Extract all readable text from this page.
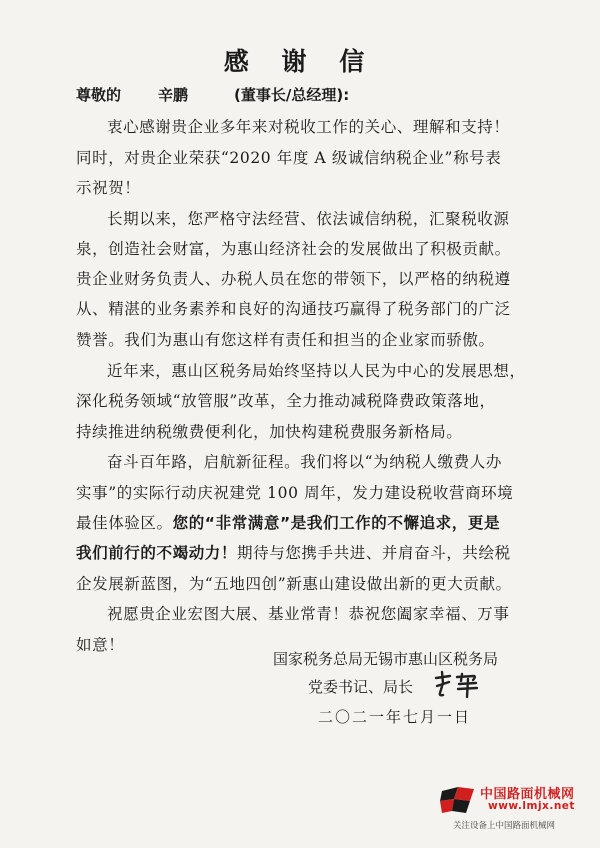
感 谢 信
尊敬的 辛鹏	(董事长/总经理):
衷心感谢贵企业多年来对税收工作的关心、理解和支持！
同时，对贵企业荣获“2020 年度 A 级诚信纳税企业”称号表
示祝贺！
长期以来，您严格守法经营、依法诚信纳税，汇聚税收源
泉，创造社会财富，为惠山经济社会的发展做出了积极贡献。
贵企业财务负责人、办税人员在您的带领下，以严格的纳税遵
从、精湛的业务素养和良好的沟通技巧赢得了税务部门的广泛
赞誉。我们为惠山有您这样有责任和担当的企业家而骄傲。
近年来，惠山区税务局始终坚持以人民为中心的发展思想，
深化税务领域“放管服”改革，全力推动减税降费政策落地，
持续推进纳税缴费便利化，加快构建税费服务新格局。
奋斗百年路，启航新征程。我们将以“为纳税人缴费人办
实事”的实际行动庆祝建党 100 周年，发力建设税收营商环境
最佳体验区。您的“非常满意”是我们工作的不懈追求，更是
我们前行的不竭动力！期待与您携手共进、并肩奋斗，共绘税
企发展新蓝图，为“五地四创”新惠山建设做出新的更大贡献。
祝愿贵企业宏图大展、基业常青！恭祝您阖家幸福、万事
如意！
国家税务总局无锡市惠山区税务局
党委书记、局长
二〇二一年七月一日
中国路面机械网
www.lmjx.net
关注设备上中国路面机械网
